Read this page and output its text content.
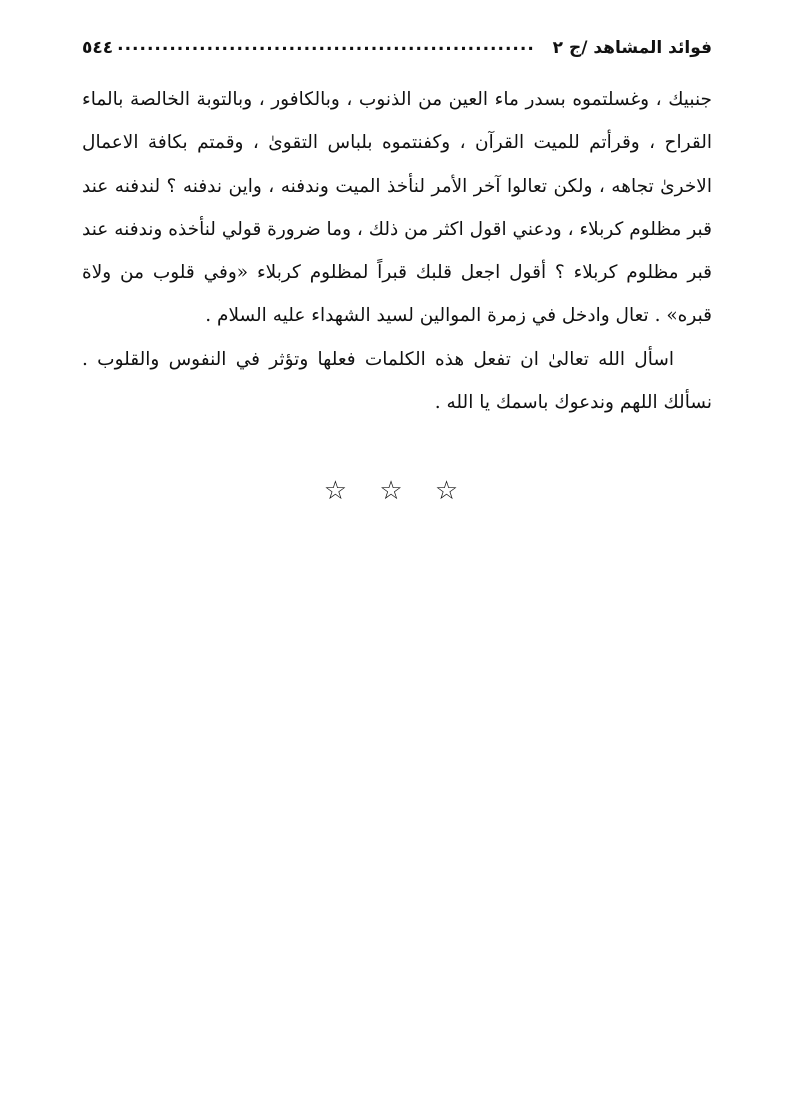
٥٤٤ ........................................................	فوائد المشاهد /ج ٢

جنبيك ، وغسلتموه بسدر ماء العين من الذنوب ، وبالكافور ، وبالتوبة الخالصة بالماء القراح ، وقرأتم للميت القرآن ، وكفنتموه بلباس التقوىٰ ، وقمتم بكافة الاعمال الاخرىٰ تجاهه ، ولكن تعالوا آخر الأمر لنأخذ الميت وندفنه ، واين ندفنه ؟ لندفنه عند قبر مظلوم كربلاء ، ودعني اقول اكثر من ذلك ، وما ضرورة قولي لنأخذه وندفنه عند قبر مظلوم كربلاء ؟ أقول اجعل قلبك قبراً لمظلوم كربلاء «وفي قلوب من ولاة قبره» . تعال وادخل في زمرة الموالين لسيد الشهداء عليه السلام .

اسأل الله تعالىٰ ان تفعل هذه الكلمات فعلها وتؤثر في النفوس والقلوب . نسألك اللهم وندعوك باسمك يا الله .

☆ ☆ ☆
